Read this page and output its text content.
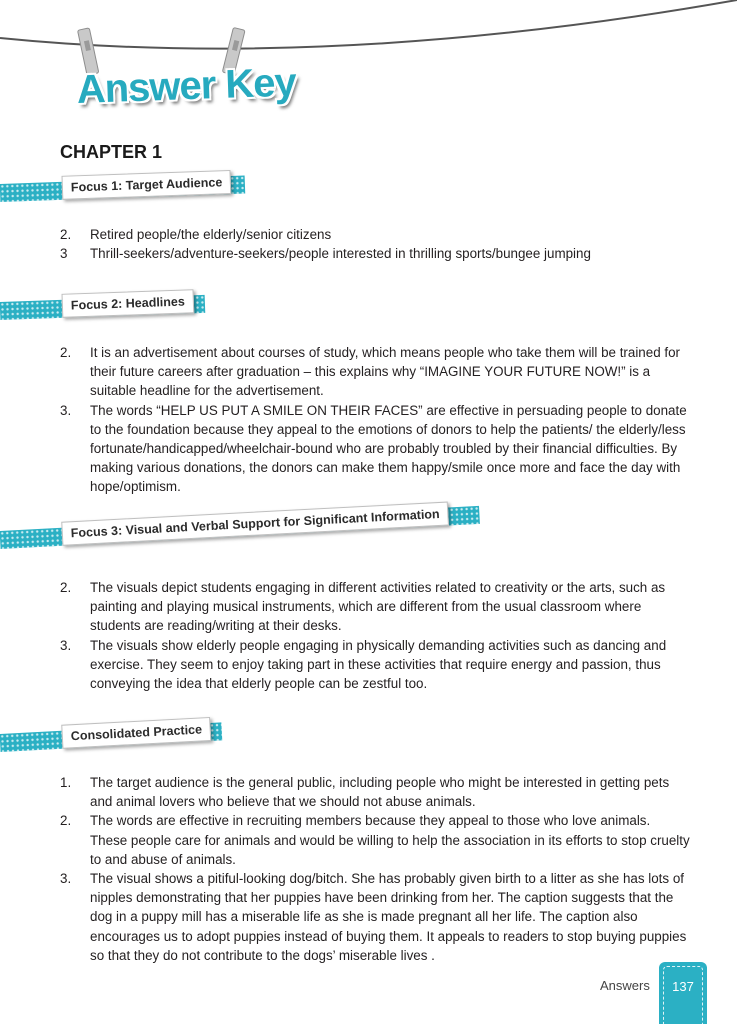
Answer Key
CHAPTER 1
Focus 1: Target Audience
2. Retired people/the elderly/senior citizens
3 Thrill-seekers/adventure-seekers/people interested in thrilling sports/bungee jumping
Focus 2: Headlines
2. It is an advertisement about courses of study, which means people who take them will be trained for their future careers after graduation – this explains why “IMAGINE YOUR FUTURE NOW!” is a suitable headline for the advertisement.
3. The words “HELP US PUT A SMILE ON THEIR FACES” are effective in persuading people to donate to the foundation because they appeal to the emotions of donors to help the patients/ the elderly/less fortunate/handicapped/wheelchair-bound who are probably troubled by their financial difficulties. By making various donations, the donors can make them happy/smile once more and face the day with hope/optimism.
Focus 3: Visual and Verbal Support for Significant Information
2. The visuals depict students engaging in different activities related to creativity or the arts, such as painting and playing musical instruments, which are different from the usual classroom where students are reading/writing at their desks.
3. The visuals show elderly people engaging in physically demanding activities such as dancing and exercise. They seem to enjoy taking part in these activities that require energy and passion, thus conveying the idea that elderly people can be zestful too.
Consolidated Practice
1. The target audience is the general public, including people who might be interested in getting pets and animal lovers who believe that we should not abuse animals.
2. The words are effective in recruiting members because they appeal to those who love animals. These people care for animals and would be willing to help the association in its efforts to stop cruelty to and abuse of animals.
3. The visual shows a pitiful-looking dog/bitch. She has probably given birth to a litter as she has lots of nipples demonstrating that her puppies have been drinking from her. The caption suggests that the dog in a puppy mill has a miserable life as she is made pregnant all her life. The caption also encourages us to adopt puppies instead of buying them. It appeals to readers to stop buying puppies so that they do not contribute to the dogs’ miserable lives .
Answers	137
